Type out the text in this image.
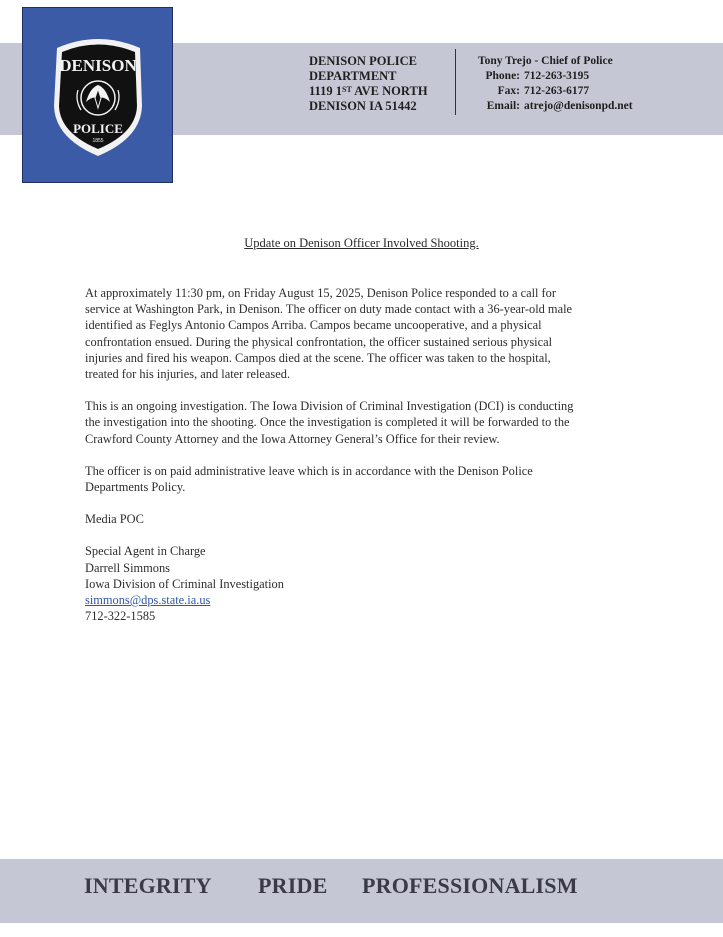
DENISON
POLICE
1855
DENISON POLICE
DEPARTMENT
1119 1ST AVE NORTH
DENISON IA 51442
Tony Trejo - Chief of Police
Phone: 712-263-3195
Fax: 712-263-6177
Email: atrejo@denisonpd.net
Update on Denison Officer Involved Shooting.

At approximately 11:30 pm, on Friday August 15, 2025, Denison Police responded to a call for
service at Washington Park, in Denison. The officer on duty made contact with a 36-year-old male
identified as Feglys Antonio Campos Arriba. Campos became uncooperative, and a physical
confrontation ensued. During the physical confrontation, the officer sustained serious physical
injuries and fired his weapon. Campos died at the scene. The officer was taken to the hospital,
treated for his injuries, and later released.

This is an ongoing investigation. The Iowa Division of Criminal Investigation (DCI) is conducting
the investigation into the shooting. Once the investigation is completed it will be forwarded to the
Crawford County Attorney and the Iowa Attorney General’s Office for their review.

The officer is on paid administrative leave which is in accordance with the Denison Police
Departments Policy.

Media POC

Special Agent in Charge
Darrell Simmons
Iowa Division of Criminal Investigation
simmons@dps.state.ia.us
712-322-1585
INTEGRITY PRIDE PROFESSIONALISM
